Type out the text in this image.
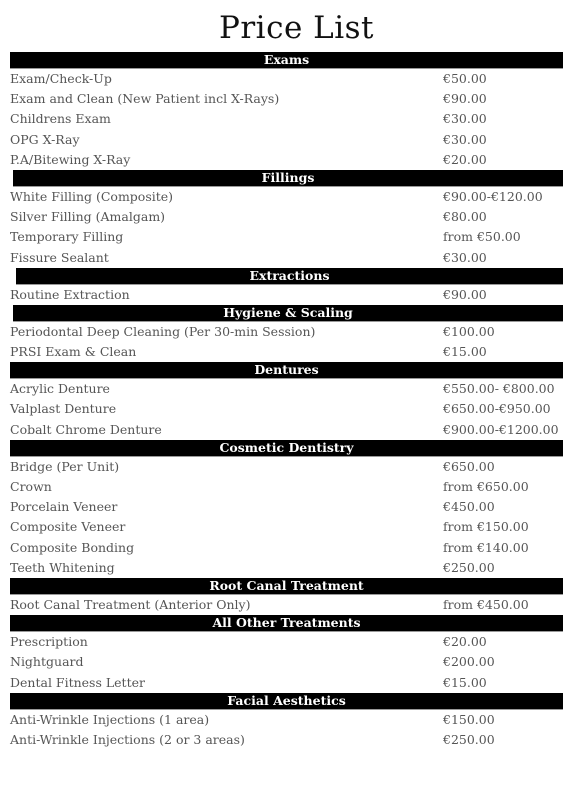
Price List
Exams
Exam/Check-Up	€50.00
Exam and Clean (New Patient incl X-Rays)	€90.00
Childrens Exam	€30.00
OPG X-Ray	€30.00
P.A/Bitewing X-Ray	€20.00
Fillings
White Filling (Composite)	€90.00-€120.00
Silver Filling (Amalgam)	€80.00
Temporary Filling	from €50.00
Fissure Sealant	€30.00
Extractions
Routine Extraction	€90.00
Hygiene & Scaling
Periodontal Deep Cleaning (Per 30-min Session)	€100.00
PRSI Exam & Clean	€15.00
Dentures
Acrylic Denture	€550.00- €800.00
Valplast Denture	€650.00-€950.00
Cobalt Chrome Denture	€900.00-€1200.00
Cosmetic Dentistry
Bridge (Per Unit)	€650.00
Crown	from €650.00
Porcelain Veneer	€450.00
Composite Veneer	from €150.00
Composite Bonding	from €140.00
Teeth Whitening	€250.00
Root Canal Treatment
Root Canal Treatment (Anterior Only)	from €450.00
All Other Treatments
Prescription	€20.00
Nightguard	€200.00
Dental Fitness Letter	€15.00
Facial Aesthetics
Anti-Wrinkle Injections (1 area)	€150.00
Anti-Wrinkle Injections (2 or 3 areas)	€250.00
